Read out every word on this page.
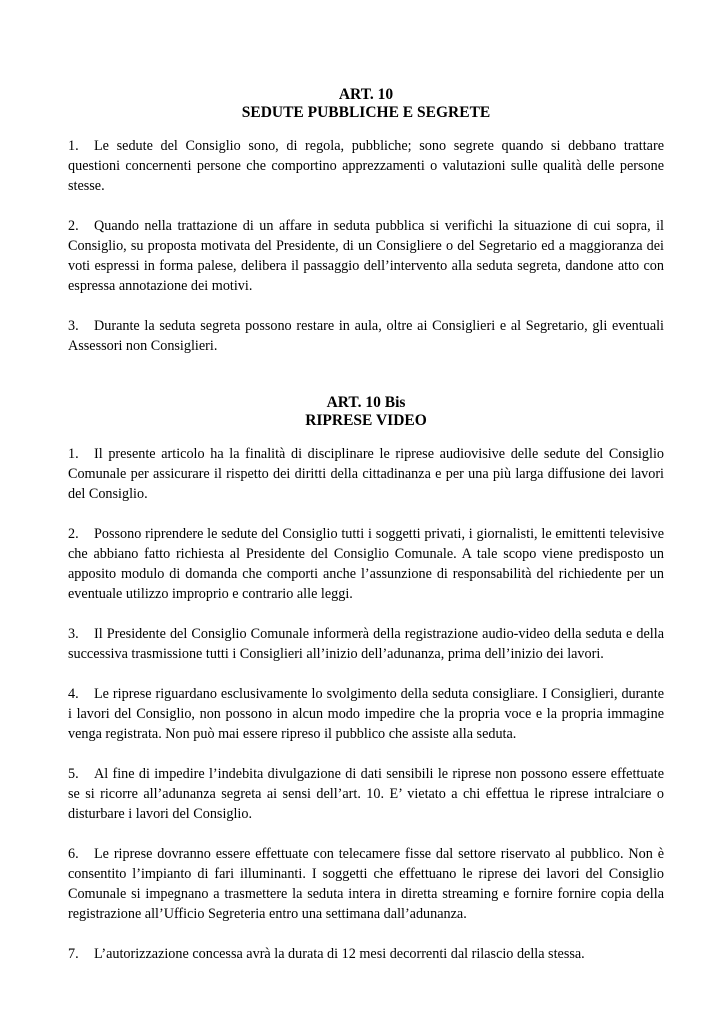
ART. 10

SEDUTE PUBBLICHE E SEGRETE

1. Le sedute del Consiglio sono, di regola, pubbliche; sono segrete quando si debbano trattare questioni concernenti persone che comportino apprezzamenti o valutazioni sulle qualità delle persone stesse.

2. Quando nella trattazione di un affare in seduta pubblica si verifichi la situazione di cui sopra, il Consiglio, su proposta motivata del Presidente, di un Consigliere o del Segretario ed a maggioranza dei voti espressi in forma palese, delibera il passaggio dell’intervento alla seduta segreta, dandone atto con espressa annotazione dei motivi.

3. Durante la seduta segreta possono restare in aula, oltre ai Consiglieri e al Segretario, gli eventuali Assessori non Consiglieri.

ART. 10 Bis

RIPRESE VIDEO

1. Il presente articolo ha la finalità di disciplinare le riprese audiovisive delle sedute del Consiglio Comunale per assicurare il rispetto dei diritti della cittadinanza e per una più larga diffusione dei lavori del Consiglio.

2. Possono riprendere le sedute del Consiglio tutti i soggetti privati, i giornalisti, le emittenti televisive che abbiano fatto richiesta al Presidente del Consiglio Comunale. A tale scopo viene predisposto un apposito modulo di domanda che comporti anche l’assunzione di responsabilità del richiedente per un eventuale utilizzo improprio e contrario alle leggi.

3. Il Presidente del Consiglio Comunale informerà della registrazione audio-video della seduta e della successiva trasmissione tutti i Consiglieri all’inizio dell’adunanza, prima dell’inizio dei lavori.

4. Le riprese riguardano esclusivamente lo svolgimento della seduta consigliare. I Consiglieri, durante i lavori del Consiglio, non possono in alcun modo impedire che la propria voce e la propria immagine venga registrata. Non può mai essere ripreso il pubblico che assiste alla seduta.

5. Al fine di impedire l’indebita divulgazione di dati sensibili le riprese non possono essere effettuate se si ricorre all’adunanza segreta ai sensi dell’art. 10. E’ vietato a chi effettua le riprese intralciare o disturbare i lavori del Consiglio.

6. Le riprese dovranno essere effettuate con telecamere fisse dal settore riservato al pubblico. Non è consentito l’impianto di fari illuminanti. I soggetti che effettuano le riprese dei lavori del Consiglio Comunale si impegnano a trasmettere la seduta intera in diretta streaming e fornire fornire copia della registrazione all’Ufficio Segreteria entro una settimana dall’adunanza.

7. L’autorizzazione concessa avrà la durata di 12 mesi decorrenti dal rilascio della stessa.
